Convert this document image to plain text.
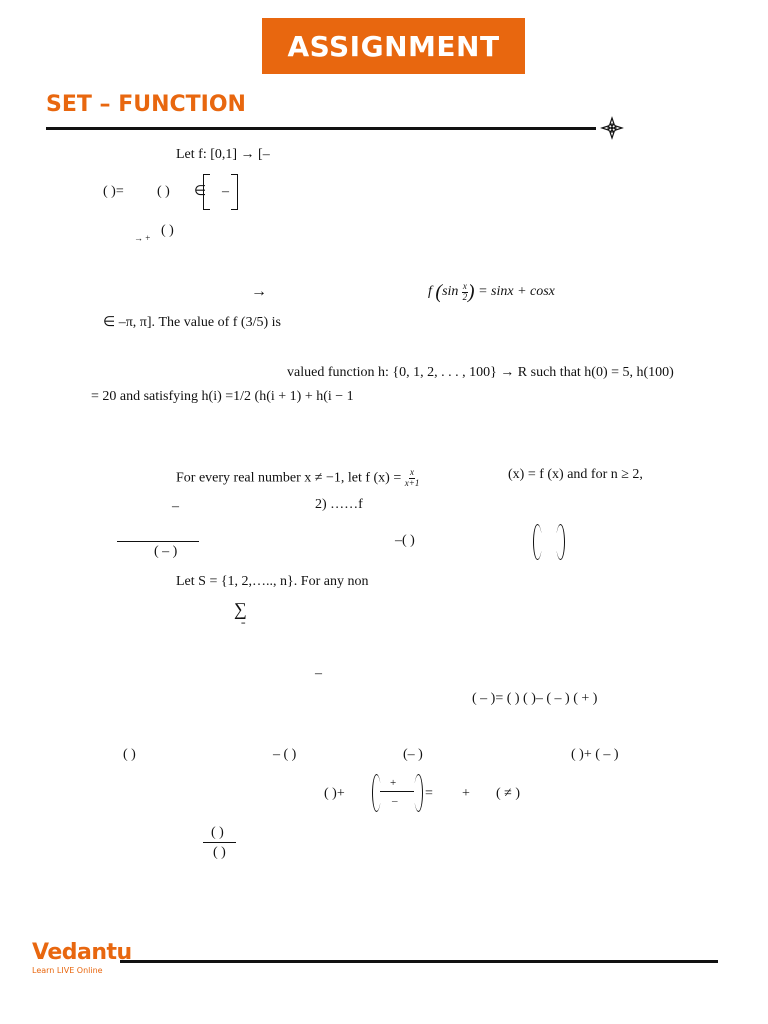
ASSIGNMENT
SET – FUNCTION
Let f: [0,1] → [–
( )= ( ) ∈ –
→ + ( )
→	f ($\sin \frac{x}{2}$ ) = sinx + cosx
∈ –π, π]. The value of f (3/5) is
valued function h: {0, 1, 2, . . . , 100} → R such that h(0) = 5, h(100)
= 20 and satisfying h(i) =1/2 (h(i + 1) + h(i − 1
For every real number x ≠ −1, let f $(x) = \frac{x}{x+1}$	(x) = f (x) and for n ≥ 2,
–	2) ……f
( – )
–( )
Let S = {1, 2,….., n}. For any non
∑
=
–
( – )= ( ) ( )– ( – ) ( + )
( )	– ( )	(– )	( )+ ( – )
( )+
+
– = + ( ≠ )
( )
( )
Vedantu
Learn LIVE Online
